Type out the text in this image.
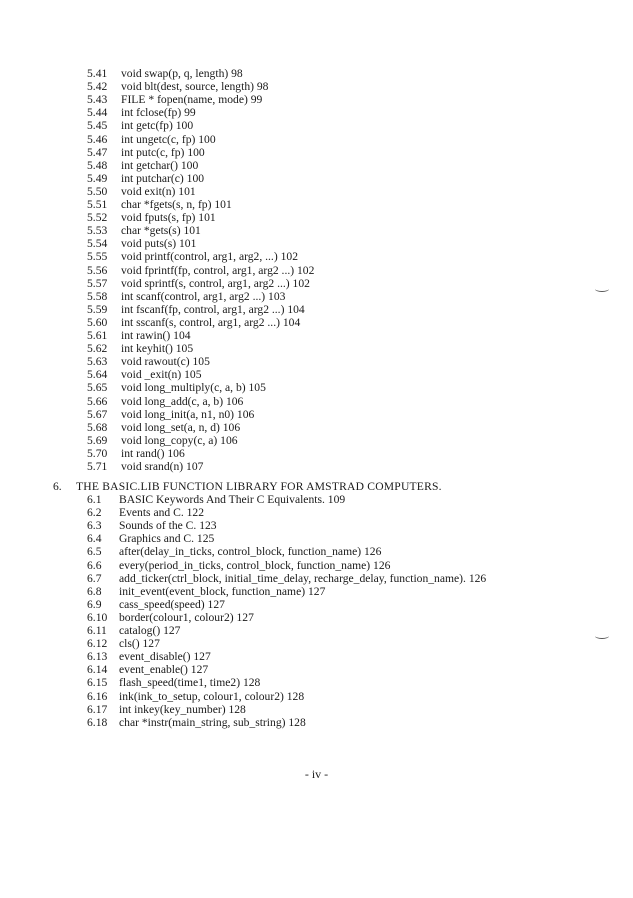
5.41 void swap(p, q, length) 98
5.42 void blt(dest, source, length) 98
5.43 FILE * fopen(name, mode) 99
5.44 int fclose(fp) 99
5.45 int getc(fp) 100
5.46 int ungetc(c, fp) 100
5.47 int putc(c, fp) 100
5.48 int getchar() 100
5.49 int putchar(c) 100
5.50 void exit(n) 101
5.51 char *fgets(s, n, fp) 101
5.52 void fputs(s, fp) 101
5.53 char *gets(s) 101
5.54 void puts(s) 101
5.55 void printf(control, arg1, arg2, ...) 102
5.56 void fprintf(fp, control, arg1, arg2 ...) 102
5.57 void sprintf(s, control, arg1, arg2 ...) 102
5.58 int scanf(control, arg1, arg2 ...) 103
5.59 int fscanf(fp, control, arg1, arg2 ...) 104
5.60 int sscanf(s, control, arg1, arg2 ...) 104
5.61 int rawin() 104
5.62 int keyhit() 105
5.63 void rawout(c) 105
5.64 void _exit(n) 105
5.65 void long_multiply(c, a, b) 105
5.66 void long_add(c, a, b) 106
5.67 void long_init(a, n1, n0) 106
5.68 void long_set(a, n, d) 106
5.69 void long_copy(c, a) 106
5.70 int rand() 106
5.71 void srand(n) 107
6. THE BASIC.LIB FUNCTION LIBRARY FOR AMSTRAD COMPUTERS.
6.1 BASIC Keywords And Their C Equivalents. 109
6.2 Events and C. 122
6.3 Sounds of the C. 123
6.4 Graphics and C. 125
6.5 after(delay_in_ticks, control_block, function_name) 126
6.6 every(period_in_ticks, control_block, function_name) 126
6.7 add_ticker(ctrl_block, initial_time_delay, recharge_delay, function_name). 126
6.8 init_event(event_block, function_name) 127
6.9 cass_speed(speed) 127
6.10 border(colour1, colour2) 127
6.11 catalog() 127
6.12 cls() 127
6.13 event_disable() 127
6.14 event_enable() 127
6.15 flash_speed(time1, time2) 128
6.16 ink(ink_to_setup, colour1, colour2) 128
6.17 int inkey(key_number) 128
6.18 char *instr(main_string, sub_string) 128
- iv -
